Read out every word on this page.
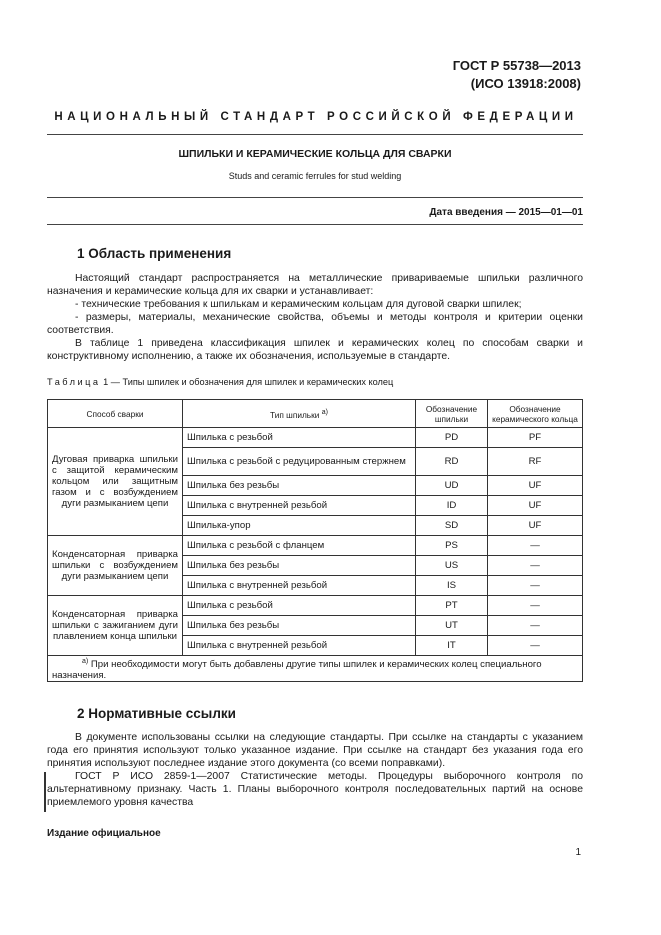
ГОСТ Р 55738—2013
(ИСО 13918:2008)
НАЦИОНАЛЬНЫЙ СТАНДАРТ РОССИЙСКОЙ ФЕДЕРАЦИИ
ШПИЛЬКИ И КЕРАМИЧЕСКИЕ КОЛЬЦА ДЛЯ СВАРКИ
Studs and ceramic ferrules for stud welding
Дата введения — 2015—01—01
1 Область применения

Настоящий стандарт распространяется на металлические привариваемые шпильки различного назначения и керамические кольца для их сварки и устанавливает:

- технические требования к шпилькам и керамическим кольцам для дуговой сварки шпилек;

- размеры, материалы, механические свойства, объемы и методы контроля и критерии оценки соответствия.

В таблице 1 приведена классификация шпилек и керамических колец по способам сварки и конструктивному исполнению, а также их обозначения, используемые в стандарте.

Таблица 1 — Типы шпилек и обозначения для шпилек и керамических колец
Способ сварки	Тип шпильки $^{а)}$	Обозначение шпильки	Обозначение керамического кольца
Дуговая приварка шпильки с защитой керамическим кольцом или защитным газом и с возбуждением дуги размыканием цепи	Шпилька с резьбой	PD	PF
	Шпилька с резьбой с редуцированным стержнем	RD	RF
	Шпилька без резьбы	UD	UF
	Шпилька с внутренней резьбой	ID	UF
	Шпилька-упор	SD	UF
Конденсаторная приварка шпильки с возбуждением дуги размыканием цепи	Шпилька с резьбой с фланцем	PS	—
	Шпилька без резьбы	US	—
	Шпилька с внутренней резьбой	IS	—
Конденсаторная приварка шпильки с зажиганием дуги плавлением конца шпильки	Шпилька с резьбой	PT	—
	Шпилька без резьбы	UT	—
	Шпилька с внутренней резьбой	IT	—
$^{а)}$ При необходимости могут быть добавлены другие типы шпилек и керамических колец специального назначения.			
2 Нормативные ссылки

В документе использованы ссылки на следующие стандарты. При ссылке на стандарты с указанием года его принятия используют только указанное издание. При ссылке на стандарт без указания года его принятия используют последнее издание этого документа (со всеми поправками).

ГОСТ Р ИСО 2859-1—2007 Статистические методы. Процедуры выборочного контроля по альтернативному признаку. Часть 1. Планы выборочного контроля последовательных партий на основе приемлемого уровня качества

Издание официальное
1
